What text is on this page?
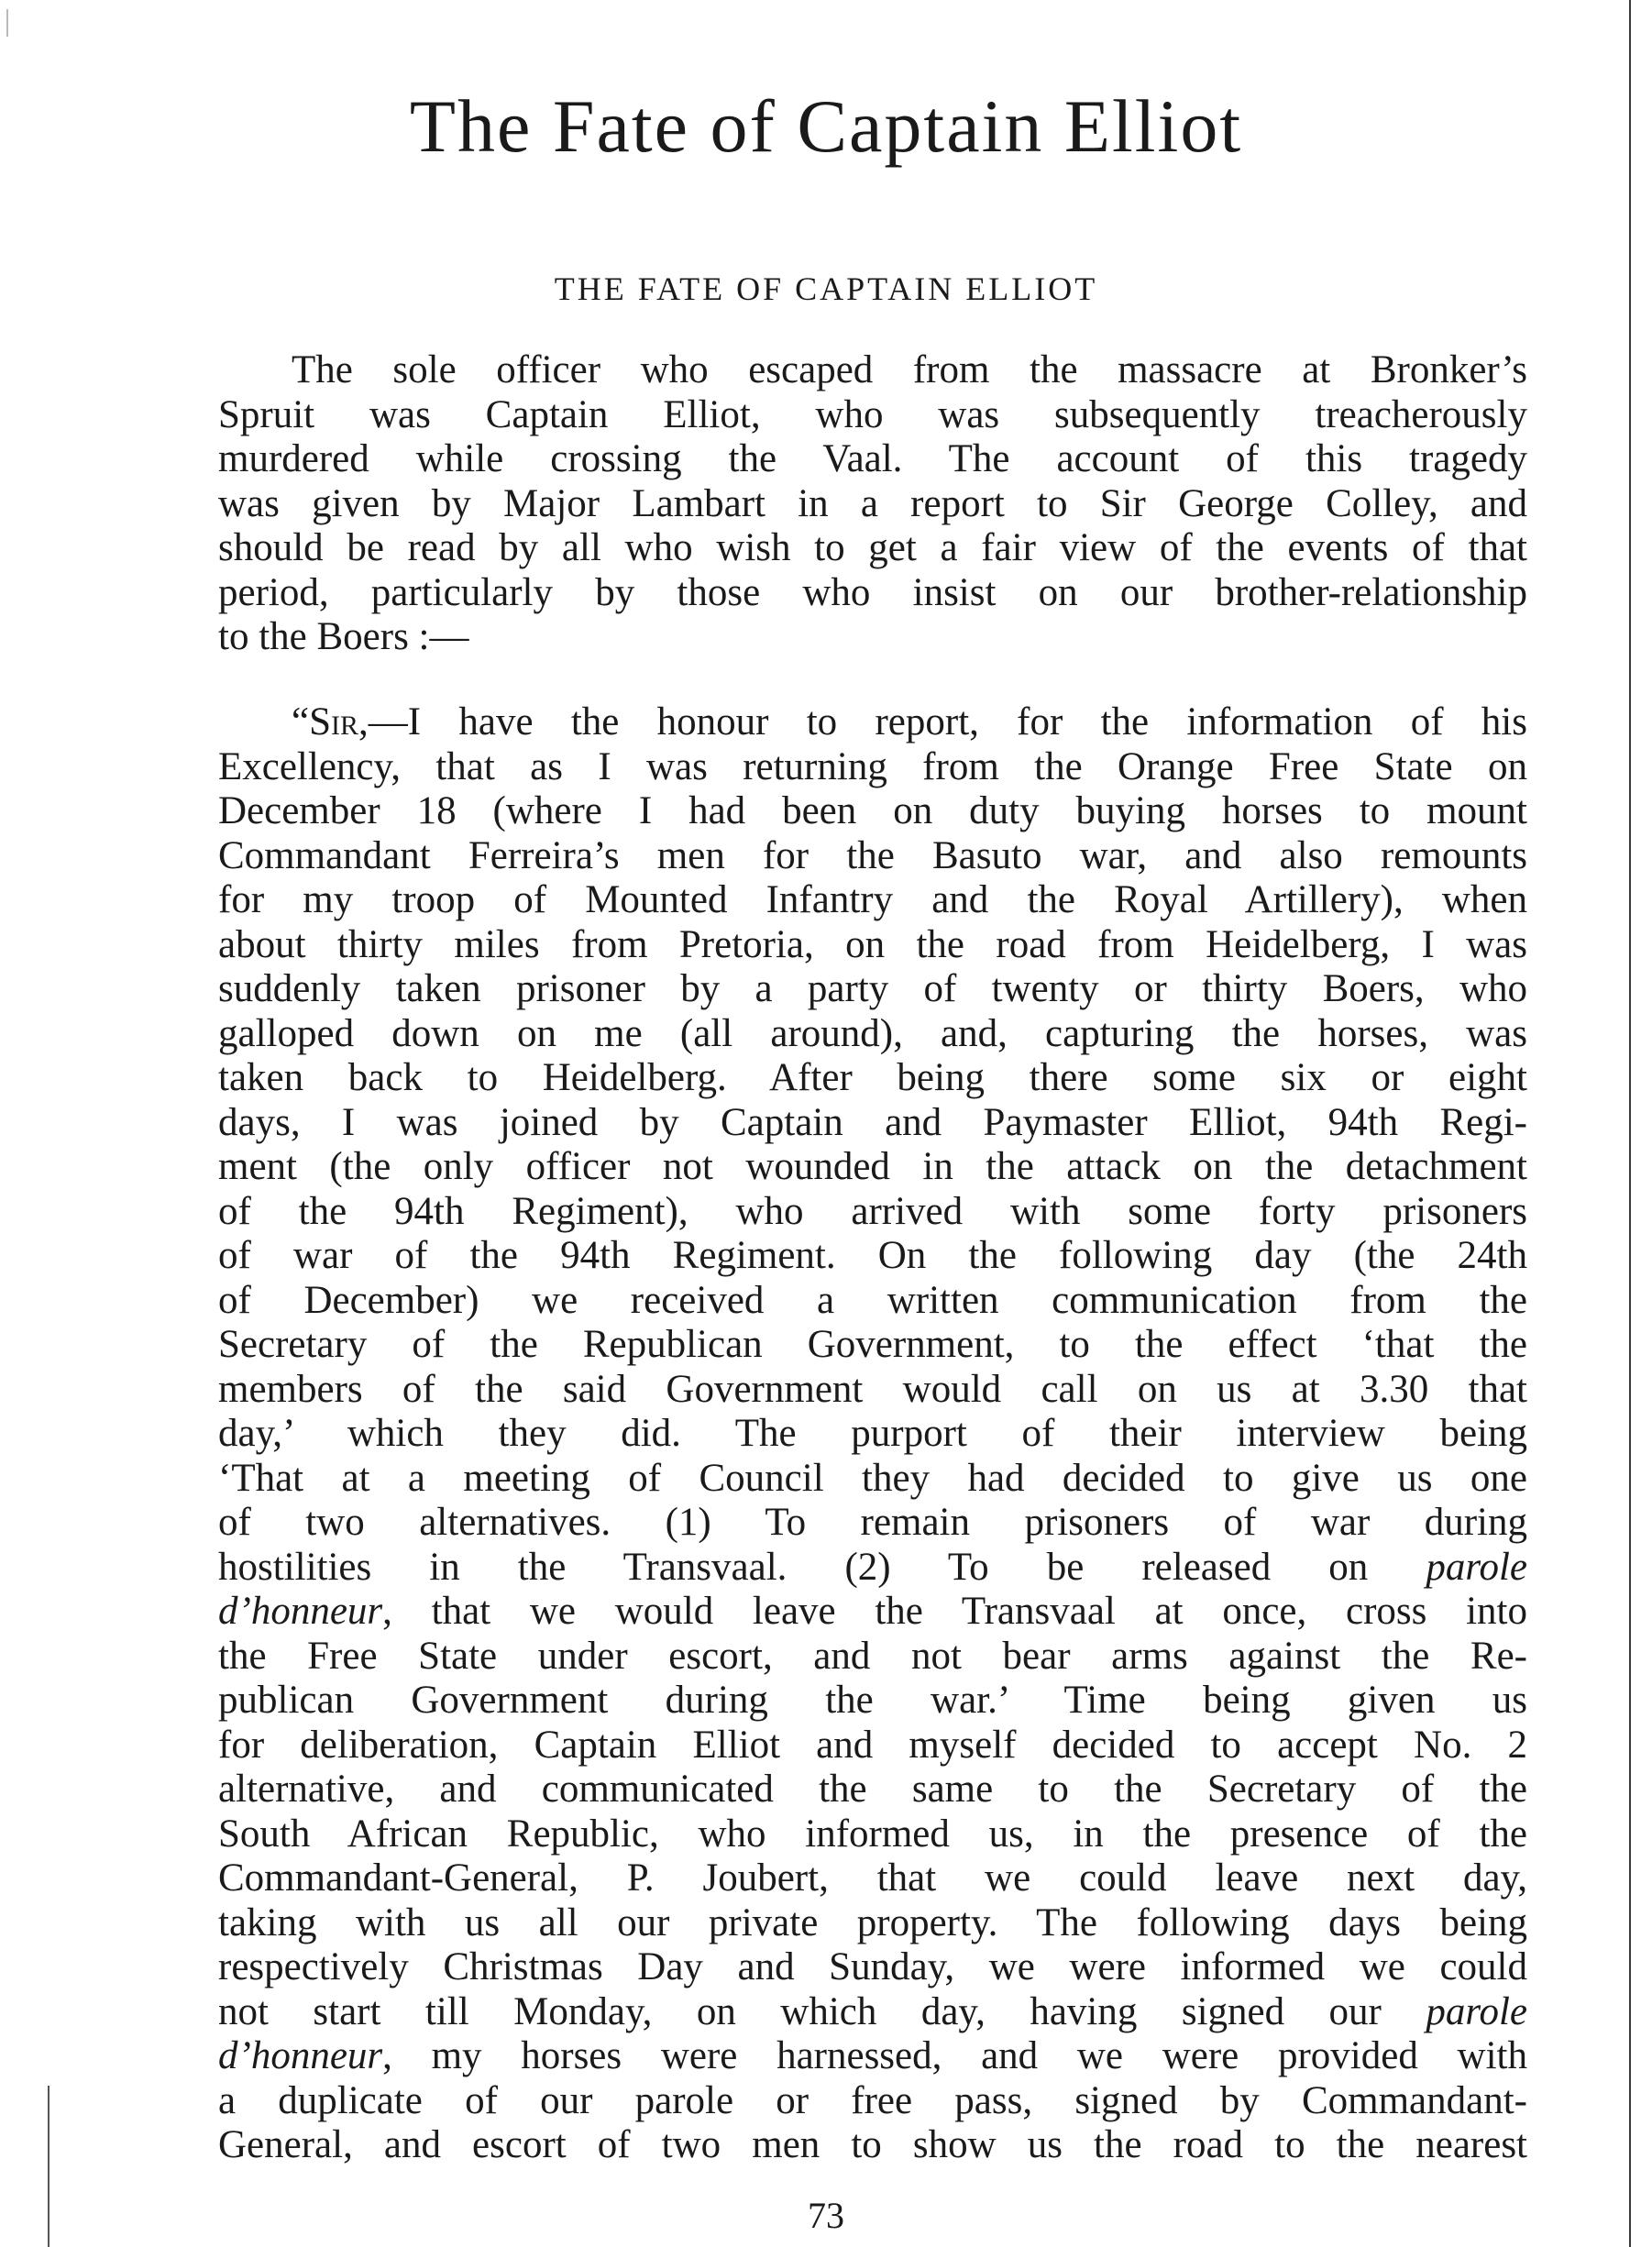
The Fate of Captain Elliot
THE FATE OF CAPTAIN ELLIOT
The sole officer who escaped from the massacre at Bronker’s
Spruit was Captain Elliot, who was subsequently treacherously
murdered while crossing the Vaal. The account of this tragedy
was given by Major Lambart in a report to Sir George Colley, and
should be read by all who wish to get a fair view of the events of that
period, particularly by those who insist on our brother-relationship
to the Boers :—
“Sir,—I have the honour to report, for the information of his
Excellency, that as I was returning from the Orange Free State on
December 18 (where I had been on duty buying horses to mount
Commandant Ferreira’s men for the Basuto war, and also remounts
for my troop of Mounted Infantry and the Royal Artillery), when
about thirty miles from Pretoria, on the road from Heidelberg, I was
suddenly taken prisoner by a party of twenty or thirty Boers, who
galloped down on me (all around), and, capturing the horses, was
taken back to Heidelberg. After being there some six or eight
days, I was joined by Captain and Paymaster Elliot, 94th Regi-
ment (the only officer not wounded in the attack on the detachment
of the 94th Regiment), who arrived with some forty prisoners
of war of the 94th Regiment. On the following day (the 24th
of December) we received a written communication from the
Secretary of the Republican Government, to the effect ‘that the
members of the said Government would call on us at 3.30 that
day,’ which they did. The purport of their interview being
‘That at a meeting of Council they had decided to give us one
of two alternatives. (1) To remain prisoners of war during
hostilities in the Transvaal. (2) To be released on parole
d’honneur, that we would leave the Transvaal at once, cross into
the Free State under escort, and not bear arms against the Re-
publican Government during the war.’ Time being given us
for deliberation, Captain Elliot and myself decided to accept No. 2
alternative, and communicated the same to the Secretary of the
South African Republic, who informed us, in the presence of the
Commandant-General, P. Joubert, that we could leave next day,
taking with us all our private property. The following days being
respectively Christmas Day and Sunday, we were informed we could
not start till Monday, on which day, having signed our parole
d’honneur, my horses were harnessed, and we were provided with
a duplicate of our parole or free pass, signed by Commandant-
General, and escort of two men to show us the road to the nearest
73
